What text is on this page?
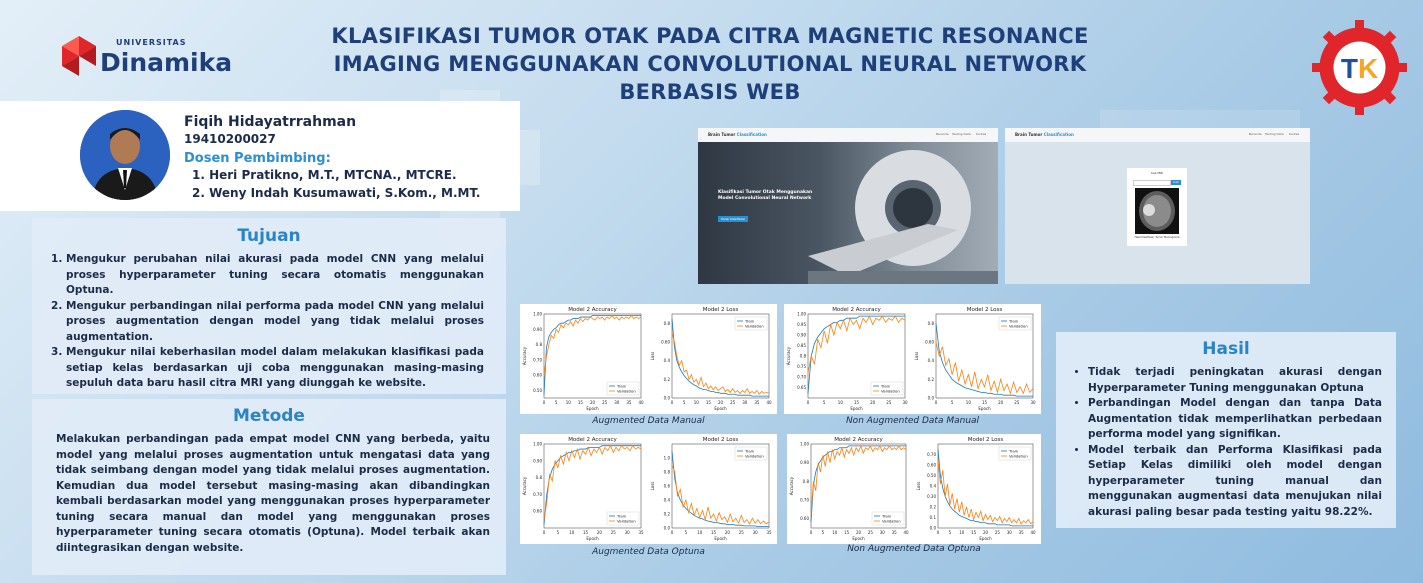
UNIVERSITAS
Dinamika
KLASIFIKASI TUMOR OTAK PADA CITRA MAGNETIC RESONANCE IMAGING MENGGUNAKAN CONVOLUTIONAL NEURAL NETWORK BERBASIS WEB
TK
Fiqih Hidayatrrahman
19410200027
Dosen Pembimbing:
1. Heri Pratikno, M.T., MTCNA., MTCRE.
2. Weny Indah Kusumawati, S.Kom., M.MT.
Tujuan
1. Mengukur perubahan nilai akurasi pada model CNN yang melalui proses hyperparameter tuning secara otomatis menggunakan Optuna.
2. Mengukur perbandingan nilai performa pada model CNN yang melalui proses augmentation dengan model yang tidak melalui proses augmentation.
3. Mengukur nilai keberhasilan model dalam melakukan klasifikasi pada setiap kelas berdasarkan uji coba menggunakan masing-masing sepuluh data baru hasil citra MRI yang diunggah ke website.
Metode
Melakukan perbandingan pada empat model CNN yang berbeda, yaitu model yang melalui proses augmentation untuk mengatasi data yang tidak seimbang dengan model yang tidak melalui proses augmentation. Kemudian dua model tersebut masing-masing akan dibandingkan kembali berdasarkan model yang menggunakan proses hyperparameter tuning secara manual dan model yang menggunakan proses hyperparameter tuning secara otomatis (Optuna). Model terbaik akan diintegrasikan dengan website.
Hasil
• Tidak terjadi peningkatan akurasi dengan Hyperparameter Tuning menggunakan Optuna
• Perbandingan Model dengan dan tanpa Data Augmentation tidak memperlihatkan perbedaan performa model yang signifikan.
• Model terbaik dan Performa Klasifikasi pada Setiap Kelas dimiliki oleh model dengan hyperparameter tuning manual dan menggunakan augmentasi data menujukan nilai akurasi paling besar pada testing yaitu 98.22%.
Brain Tumor Classification	Beranda Testing Data Kontak
Klasifikasi Tumor Otak Menggunakan Model Convolutional Neural Network
Mulai Klasifikasi
Brain Tumor Classification	Beranda Testing Data Kontak
Cek MRI
Cek
Hasil Klasifikasi: Tumor Meningioma
Model 2 Accuracy
0 5 10 15 20 25 30 35 40
0.50
0.60
0.70
0.8
0.90
1.00
Epoch
Accuracy
Train
Validation
Model 2 Loss
0 5 10 15 20 25 30 35 40
0.0
0.2
0.4
0.60
0.8
Epoch
Loss
Train
Validation
Augmented Data Manual
Model 2 Accuracy
0	5	10	15	20	25	30
0.65
0.70
0.75
0.8
0.85
0.90
0.95
1.00
Epoch
Accuracy
Train
Validation
Model 2 Loss
0	5	10	15	20	25	30
0.0
0.2
0.4
0.60
0.8
Epoch
Loss
Train
Validation
Non Augmented Data Manual
Model 2 Accuracy
0	5	10 15 20 25 30 35
0.60
0.70
0.8
0.90
1.00
Epoch
Accuracy
Train
Validation
Model 2 Loss
0	5	10 15 20 25 30 35
0.0
0.2
0.4
0.6
0.8
1.0
Epoch
Loss
Train
Validation
Augmented Data Optuna
Model 2 Accuracy
0 5 10 15 20 25 30 35 40
0.60
0.70
0.8
0.90
1.00
Epoch
Accuracy
Train
Validation
Model 2 Loss
0 5 10 15 20 25 30 35 40
0.0
0.1
0.2
0.30
0.4
0.50
0.60
0.70
Epoch
Loss
Train
Validation
Non Augmented Data Optuna
